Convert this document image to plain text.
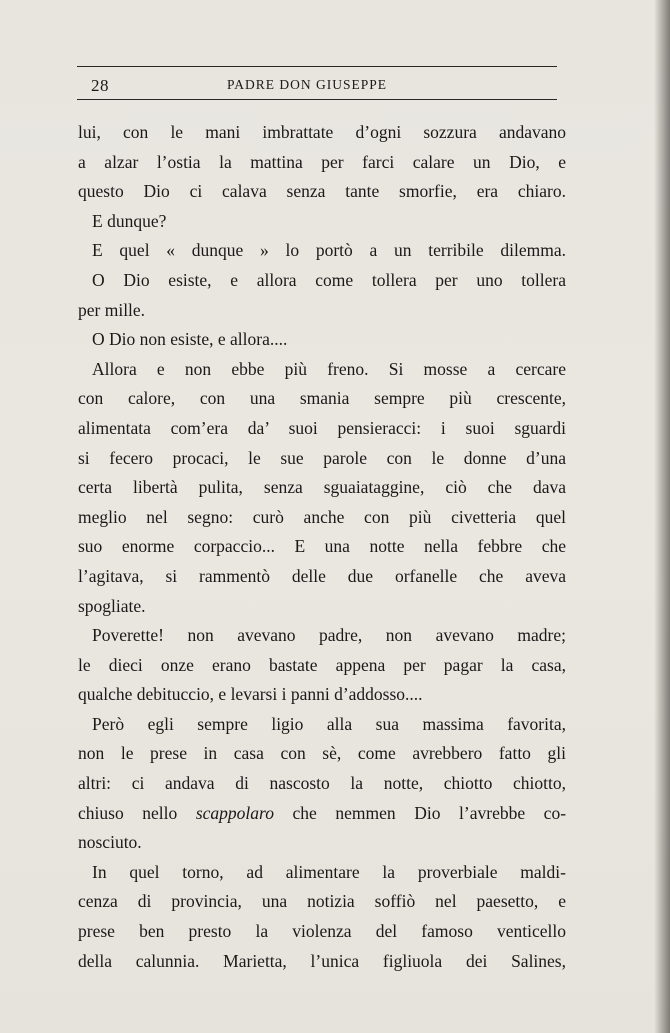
28	PADRE DON GIUSEPPE
lui, con le mani imbrattate d’ogni sozzura andavano
a alzar l’ostia la mattina per farci calare un Dio, e
questo Dio ci calava senza tante smorfie, era chiaro.
E dunque?
E quel « dunque » lo portò a un terribile dilemma.
O Dio esiste, e allora come tollera per uno tollera
per mille.
O Dio non esiste, e allora....
Allora e non ebbe più freno. Si mosse a cercare
con calore, con una smania sempre più crescente,
alimentata com’era da’ suoi pensieracci: i suoi sguardi
si fecero procaci, le sue parole con le donne d’una
certa libertà pulita, senza sguaiataggine, ciò che dava
meglio nel segno: curò anche con più civetteria quel
suo enorme corpaccio... E una notte nella febbre che
l’agitava, si rammentò delle due orfanelle che aveva
spogliate.
Poverette! non avevano padre, non avevano madre;
le dieci onze erano bastate appena per pagar la casa,
qualche debituccio, e levarsi i panni d’addosso....
Però egli sempre ligio alla sua massima favorita,
non le prese in casa con sè, come avrebbero fatto gli
altri: ci andava di nascosto la notte, chiotto chiotto,
chiuso nello scappolaro che nemmen Dio l’avrebbe co-
nosciuto.
In quel torno, ad alimentare la proverbiale maldi-
cenza di provincia, una notizia soffiò nel paesetto, e
prese ben presto la violenza del famoso venticello
della calunnia. Marietta, l’unica figliuola dei Salines,
